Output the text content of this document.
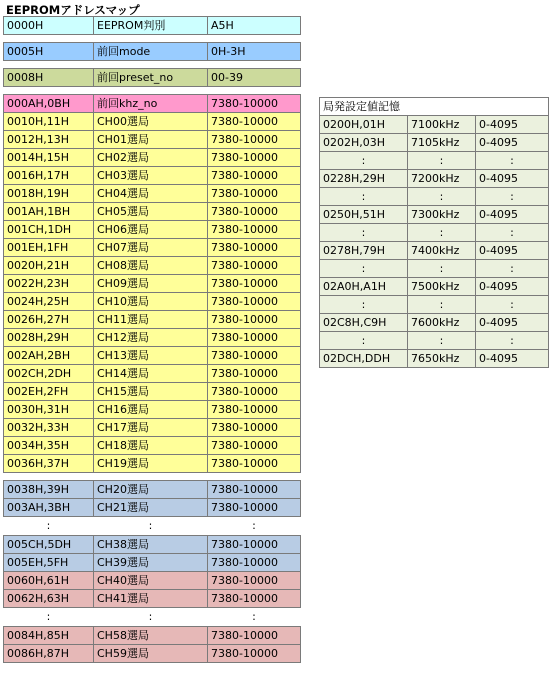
EEPROMアドレスマップ
0000H	EEPROM判別	A5H

0005H	前回mode	0H-3H

0008H	前回preset_no	00-39

000AH,0BH	前回khz_no	7380-10000
0010H,11H	CH00選局	7380-10000
0012H,13H	CH01選局	7380-10000
0014H,15H	CH02選局	7380-10000
0016H,17H	CH03選局	7380-10000
0018H,19H	CH04選局	7380-10000
001AH,1BH	CH05選局	7380-10000
001CH,1DH	CH06選局	7380-10000
001EH,1FH	CH07選局	7380-10000
0020H,21H	CH08選局	7380-10000
0022H,23H	CH09選局	7380-10000
0024H,25H	CH10選局	7380-10000
0026H,27H	CH11選局	7380-10000
0028H,29H	CH12選局	7380-10000
002AH,2BH	CH13選局	7380-10000
002CH,2DH	CH14選局	7380-10000
002EH,2FH	CH15選局	7380-10000
0030H,31H	CH16選局	7380-10000
0032H,33H	CH17選局	7380-10000
0034H,35H	CH18選局	7380-10000
0036H,37H	CH19選局	7380-10000

0038H,39H	CH20選局	7380-10000
003AH,3BH	CH21選局	7380-10000
:	:	:
005CH,5DH	CH38選局	7380-10000
005EH,5FH	CH39選局	7380-10000
0060H,61H	CH40選局	7380-10000
0062H,63H	CH41選局	7380-10000
:	:	:
0084H,85H	CH58選局	7380-10000
0086H,87H	CH59選局	7380-10000
局発設定値記憶		
0200H,01H	7100kHz	0-4095
0202H,03H	7105kHz	0-4095
:	:	:
0228H,29H	7200kHz	0-4095
:	:	:
0250H,51H	7300kHz	0-4095
:	:	:
0278H,79H	7400kHz	0-4095
:	:	:
02A0H,A1H	7500kHz	0-4095
:	:	:
02C8H,C9H	7600kHz	0-4095
:	:	:
02DCH,DDH	7650kHz	0-4095
